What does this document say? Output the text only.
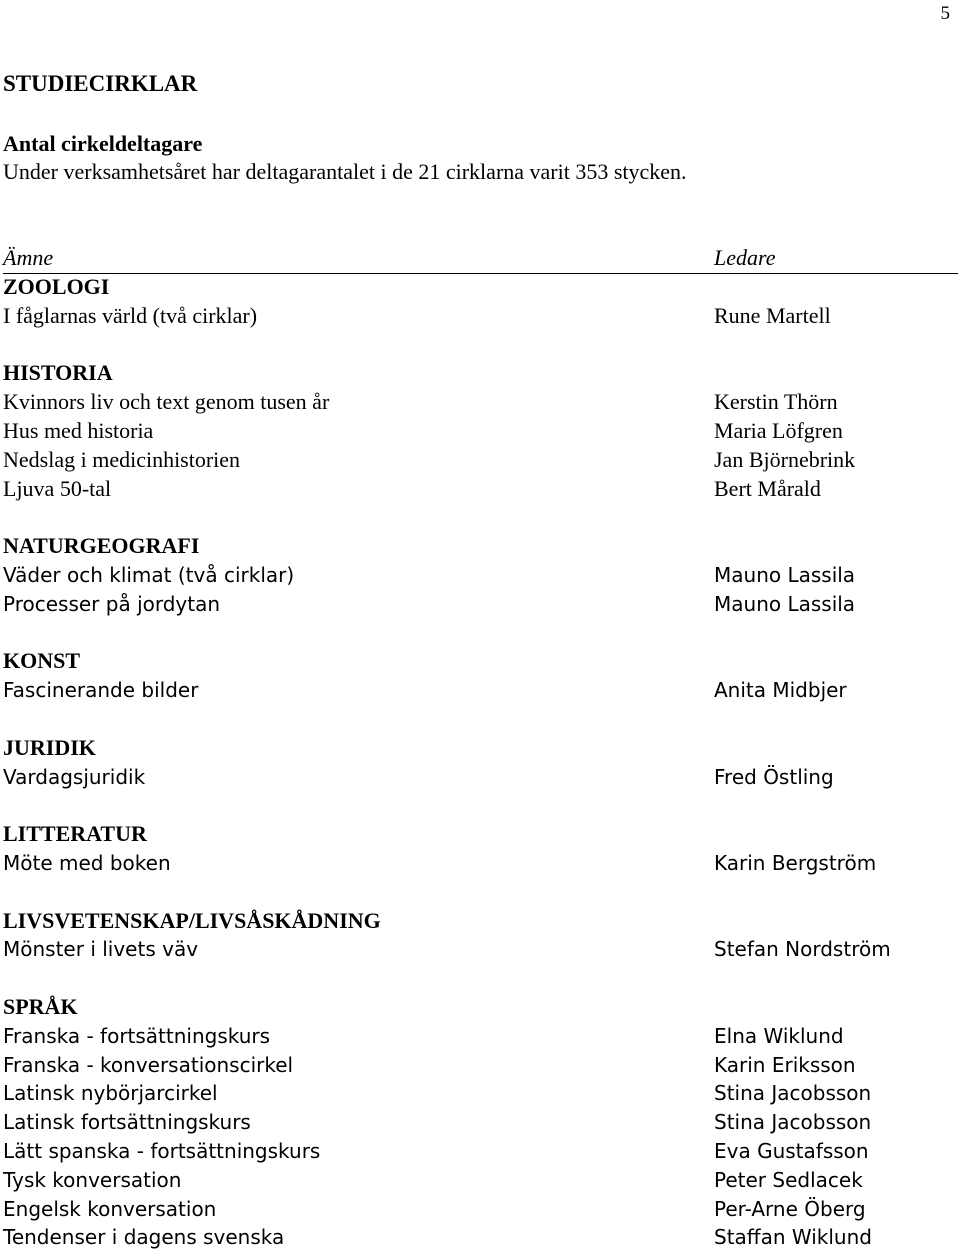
5
STUDIECIRKLAR
Antal cirkeldeltagare
Under verksamhetsåret har deltagarantalet i de 21 cirklarna varit 353 stycken.
Ämne	Ledare
ZOOLOGI
I fåglarnas värld (två cirklar)	Rune Martell
HISTORIA
Kvinnors liv och text genom tusen år	Kerstin Thörn
Hus med historia	Maria Löfgren
Nedslag i medicinhistorien	Jan Björnebrink
Ljuva 50-tal	Bert Mårald
NATURGEOGRAFI
Väder och klimat (två cirklar)	Mauno Lassila
Processer på jordytan	Mauno Lassila
KONST
Fascinerande bilder	Anita Midbjer
JURIDIK
Vardagsjuridik	Fred Östling
LITTERATUR
Möte med boken	Karin Bergström
LIVSVETENSKAP/LIVSÅSKÅDNING
Mönster i livets väv	Stefan Nordström
SPRÅK
Franska - fortsättningskurs	Elna Wiklund
Franska - konversationscirkel	Karin Eriksson
Latinsk nybörjarcirkel	Stina Jacobsson
Latinsk fortsättningskurs	Stina Jacobsson
Lätt spanska - fortsättningskurs	Eva Gustafsson
Tysk konversation	Peter Sedlacek
Engelsk konversation	Per-Arne Öberg
Tendenser i dagens svenska	Staffan Wiklund
